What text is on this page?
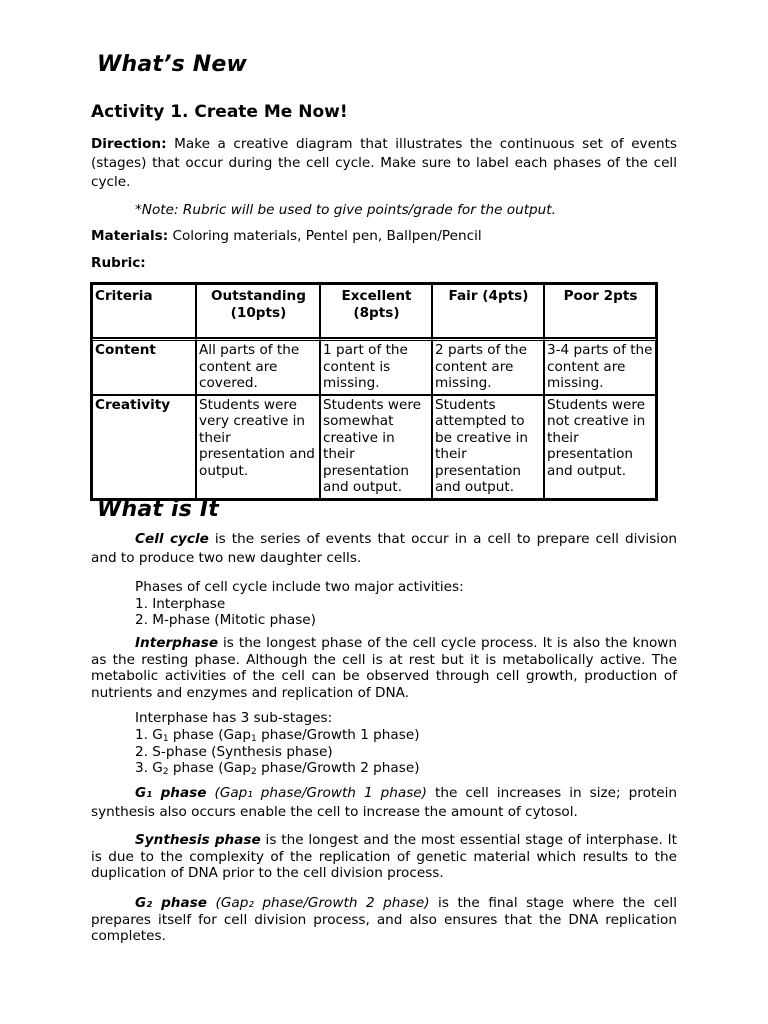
What’s New
Activity 1. Create Me Now!
Direction: Make a creative diagram that illustrates the continuous set of events (stages) that occur during the cell cycle. Make sure to label each phases of the cell cycle.
*Note: Rubric will be used to give points/grade for the output.
Materials: Coloring materials, Pentel pen, Ballpen/Pencil
Rubric:
Criteria	Outstanding (10pts)	Excellent (8pts)	Fair (4pts)	Poor 2pts
Content	All parts of the content are covered.	1 part of the content is missing.	2 parts of the content are missing.	3-4 parts of the content are missing.
Creativity	Students were very creative in their presentation and output.	Students were somewhat creative in their presentation and output.	Students attempted to be creative in their presentation and output.	Students were not creative in their presentation and output.
What is It
Cell cycle is the series of events that occur in a cell to prepare cell division and to produce two new daughter cells.
Phases of cell cycle include two major activities:
1. Interphase
2. M-phase (Mitotic phase)
Interphase is the longest phase of the cell cycle process. It is also the known as the resting phase. Although the cell is at rest but it is metabolically active. The metabolic activities of the cell can be observed through cell growth, production of nutrients and enzymes and replication of DNA.
Interphase has 3 sub-stages:
1. $G_1$ phase (Gap$_1$ phase/Growth 1 phase)
2. S-phase (Synthesis phase)
3. $G_2$ phase (Gap$_2$ phase/Growth 2 phase)
G₁ phase (Gap₁ phase/Growth 1 phase) the cell increases in size; protein synthesis also occurs enable the cell to increase the amount of cytosol.
Synthesis phase is the longest and the most essential stage of interphase. It is due to the complexity of the replication of genetic material which results to the duplication of DNA prior to the cell division process.
G₂ phase (Gap₂ phase/Growth 2 phase) is the final stage where the cell prepares itself for cell division process, and also ensures that the DNA replication completes.
